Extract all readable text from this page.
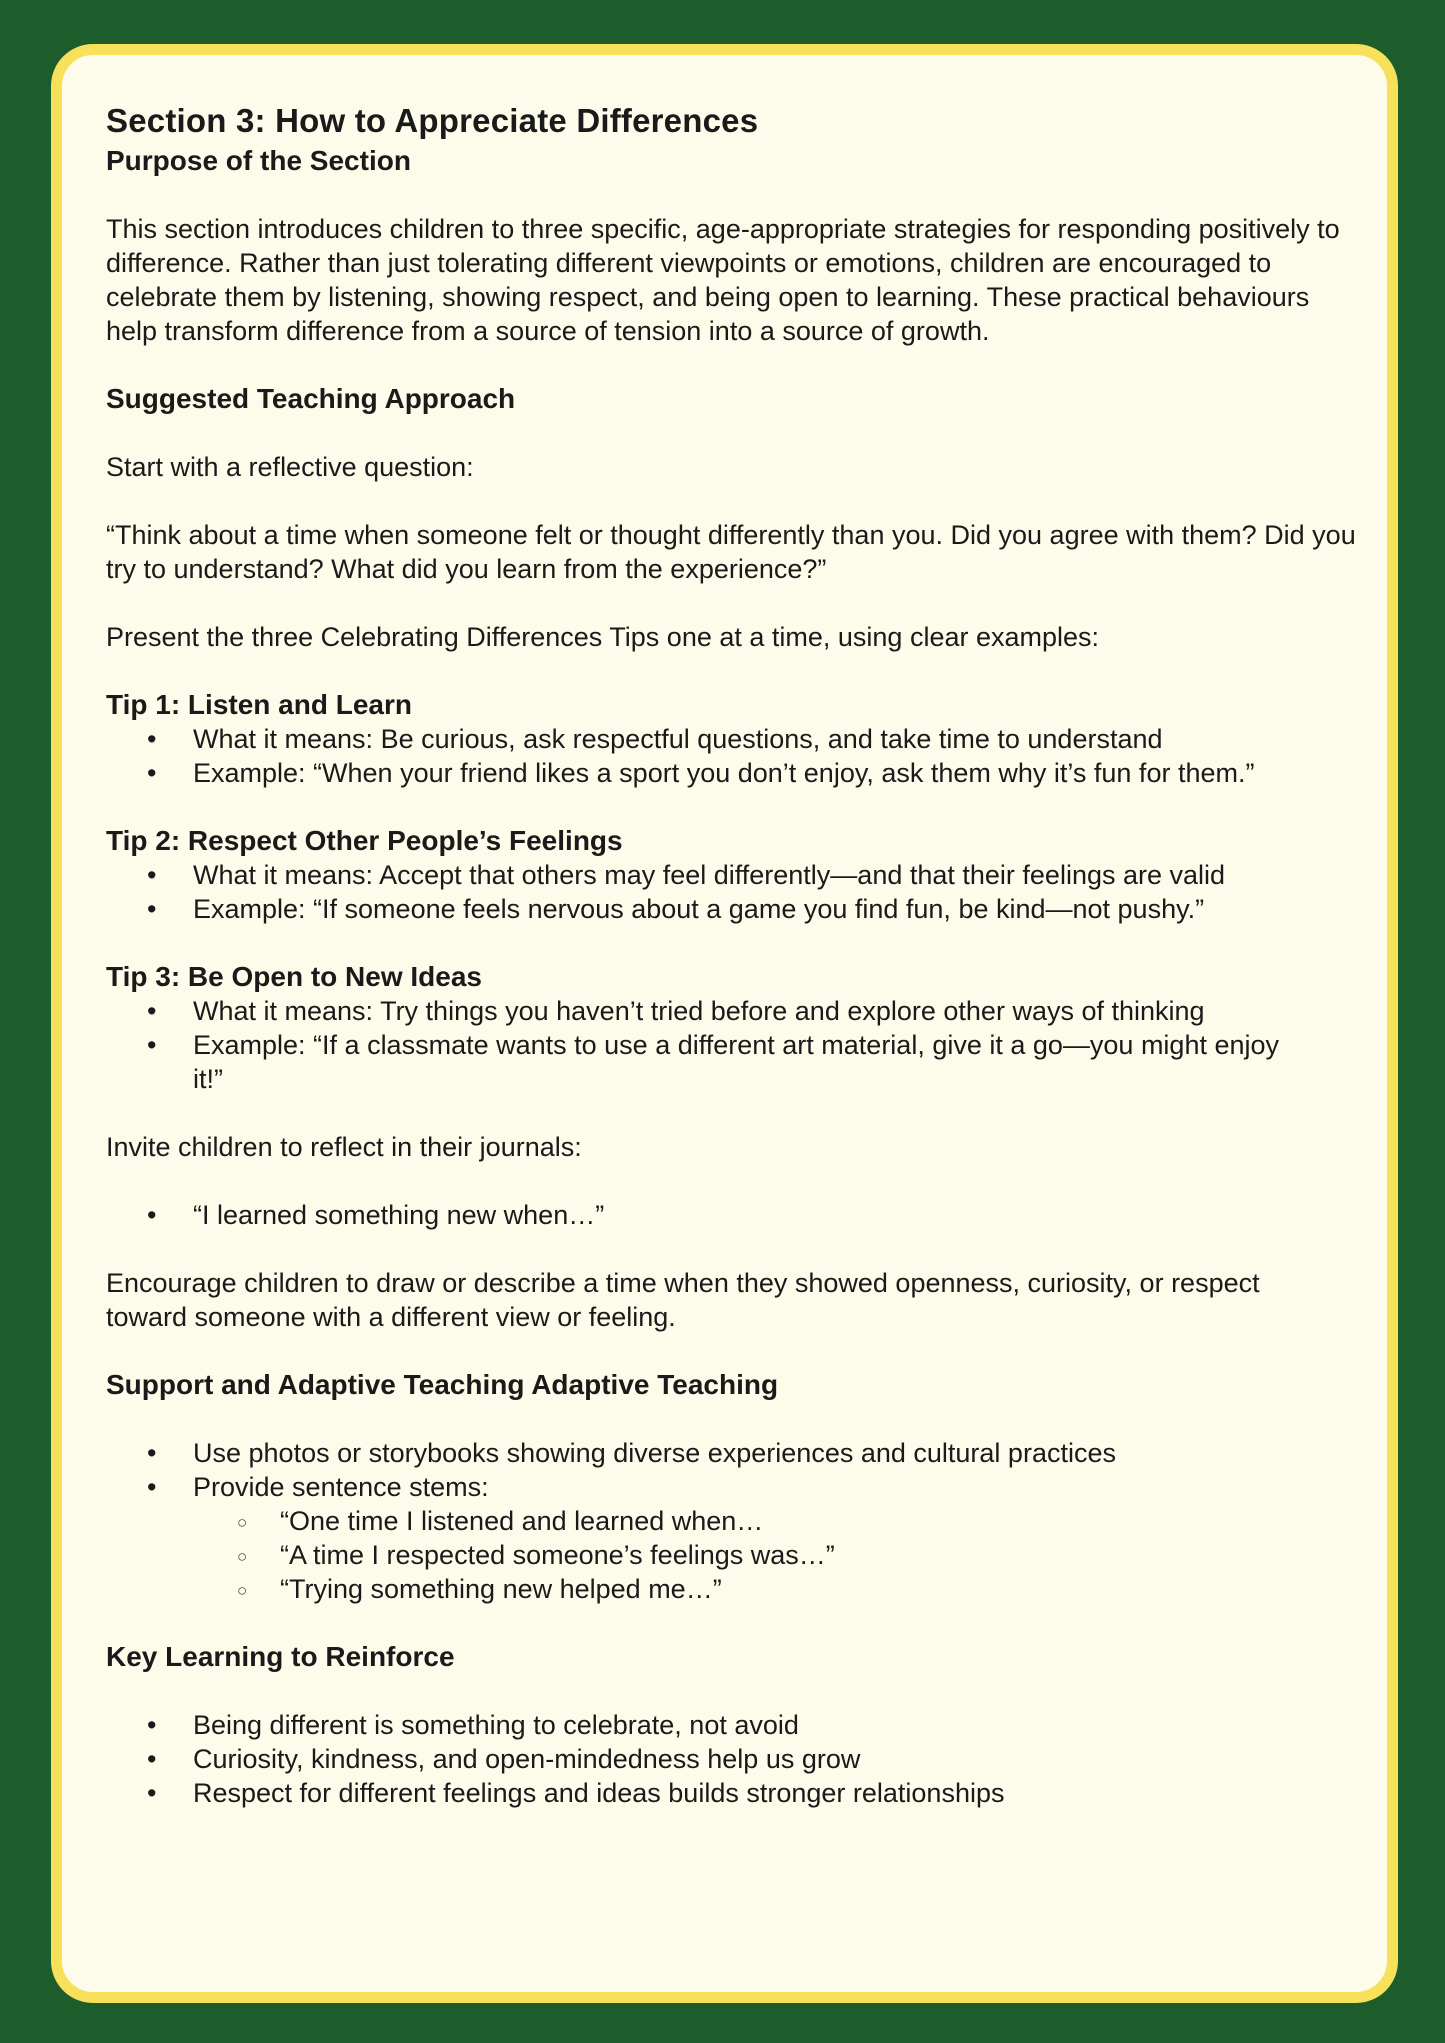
Section 3: How to Appreciate Differences
Purpose of the Section

This section introduces children to three specific, age-appropriate strategies for responding positively to difference. Rather than just tolerating different viewpoints or emotions, children are encouraged to celebrate them by listening, showing respect, and being open to learning. These practical behaviours help transform difference from a source of tension into a source of growth.

Suggested Teaching Approach

Start with a reflective question:

“Think about a time when someone felt or thought differently than you. Did you agree with them? Did you try to understand? What did you learn from the experience?”

Present the three Celebrating Differences Tips one at a time, using clear examples:

Tip 1: Listen and Learn
• What it means: Be curious, ask respectful questions, and take time to understand
• Example: “When your friend likes a sport you don’t enjoy, ask them why it’s fun for them.”
Tip 2: Respect Other People’s Feelings
• What it means: Accept that others may feel differently—and that their feelings are valid
• Example: “If someone feels nervous about a game you find fun, be kind—not pushy.”
Tip 3: Be Open to New Ideas
• What it means: Try things you haven’t tried before and explore other ways of thinking
• Example: “If a classmate wants to use a different art material, give it a go—you might enjoy it!”

Invite children to reflect in their journals:

• “I learned something new when…”

Encourage children to draw or describe a time when they showed openness, curiosity, or respect toward someone with a different view or feeling.

Support and Adaptive Teaching Adaptive Teaching
• Use photos or storybooks showing diverse experiences and cultural practices
• Provide sentence stems:
○ “One time I listened and learned when…
○ “A time I respected someone’s feelings was…”
○ “Trying something new helped me…”
Key Learning to Reinforce
• Being different is something to celebrate, not avoid
• Curiosity, kindness, and open-mindedness help us grow
• Respect for different feelings and ideas builds stronger relationships
